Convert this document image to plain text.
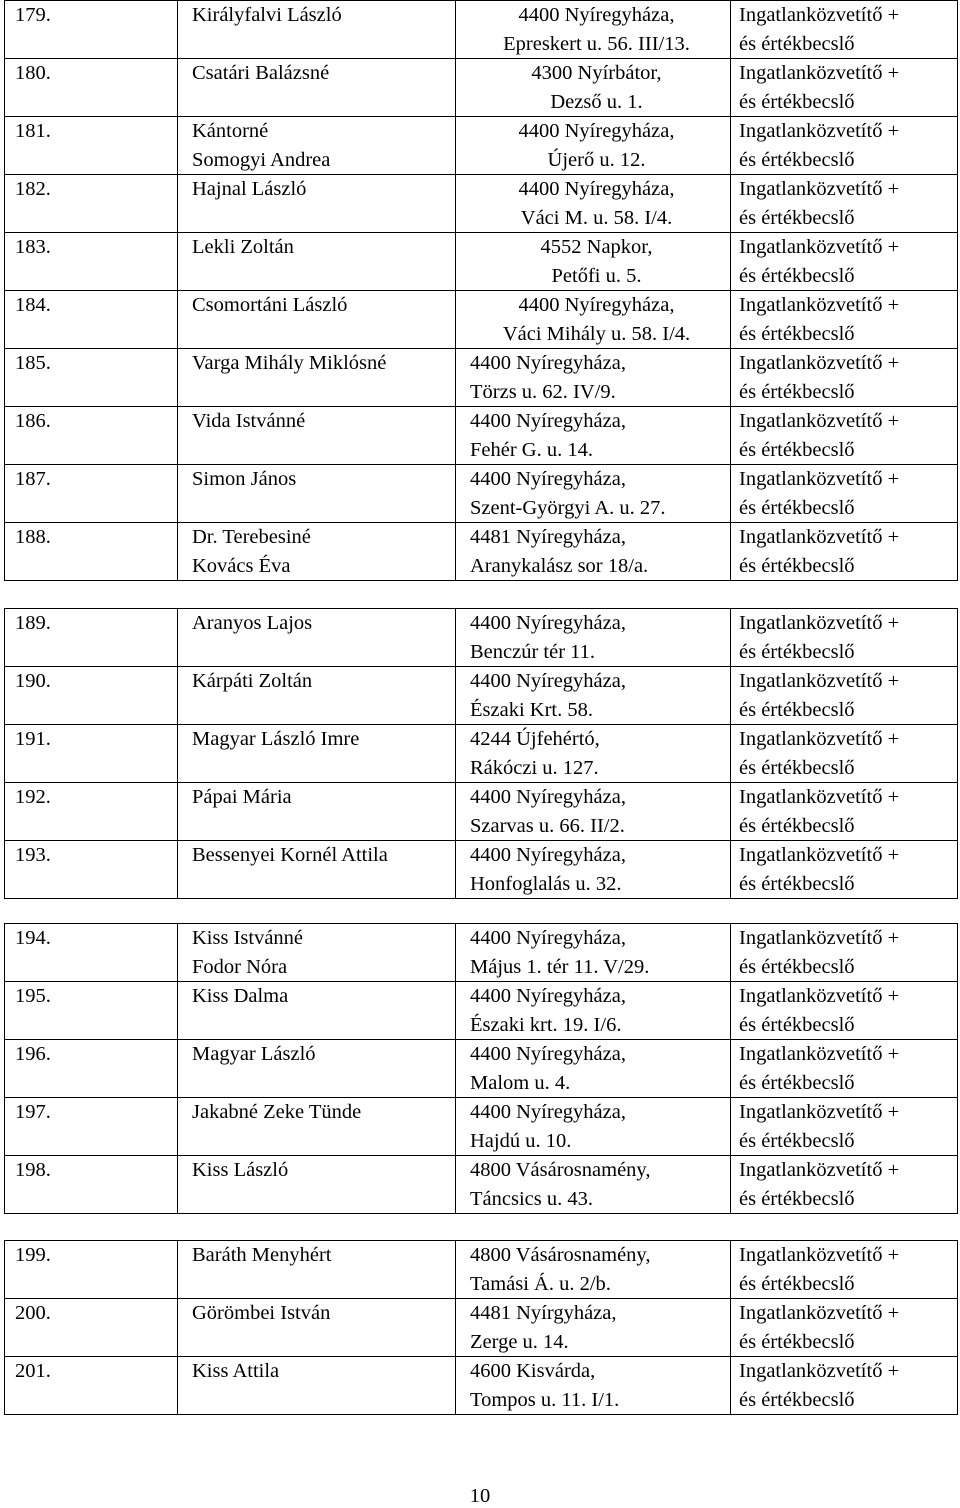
179.	Királyfalvi László	4400 Nyíregyháza,
Epreskert u. 56. III/13.	Ingatlanközvetítő +
és értékbecslő

180.	Csatári Balázsné	4300 Nyírbátor,
Dezső u. 1.	Ingatlanközvetítő +
és értékbecslő

181.	Kántorné
Somogyi Andrea	4400 Nyíregyháza,
Újerő u. 12.	Ingatlanközvetítő +
és értékbecslő

182.	Hajnal László	4400 Nyíregyháza,
Váci M. u. 58. I/4.	Ingatlanközvetítő +
és értékbecslő

183.	Lekli Zoltán	4552 Napkor,
Petőfi u. 5.	Ingatlanközvetítő +
és értékbecslő

184.	Csomortáni László	4400 Nyíregyháza,
Váci Mihály u. 58. I/4.	Ingatlanközvetítő +
és értékbecslő

185.	Varga Mihály Miklósné	4400 Nyíregyháza,
Törzs u. 62. IV/9.	Ingatlanközvetítő +
és értékbecslő

186.	Vida Istvánné	4400 Nyíregyháza,
Fehér G. u. 14.	Ingatlanközvetítő +
és értékbecslő

187.	Simon János	4400 Nyíregyháza,
Szent-Györgyi A. u. 27.	Ingatlanközvetítő +
és értékbecslő

188.	Dr. Terebesiné
Kovács Éva	4481 Nyíregyháza,
Aranykalász sor 18/a.	Ingatlanközvetítő +
és értékbecslő
189.	Aranyos Lajos	4400 Nyíregyháza,
Benczúr tér 11.	Ingatlanközvetítő +
és értékbecslő

190.	Kárpáti Zoltán	4400 Nyíregyháza,
Északi Krt. 58.	Ingatlanközvetítő +
és értékbecslő

191.	Magyar László Imre	4244 Újfehértó,
Rákóczi u. 127.	Ingatlanközvetítő +
és értékbecslő

192.	Pápai Mária	4400 Nyíregyháza,
Szarvas u. 66. II/2.	Ingatlanközvetítő +
és értékbecslő

193.	Bessenyei Kornél Attila	4400 Nyíregyháza,
Honfoglalás u. 32.	Ingatlanközvetítő +
és értékbecslő
194.	Kiss Istvánné
Fodor Nóra	4400 Nyíregyháza,
Május 1. tér 11. V/29.	Ingatlanközvetítő +
és értékbecslő

195.	Kiss Dalma	4400 Nyíregyháza,
Északi krt. 19. I/6.	Ingatlanközvetítő +
és értékbecslő

196.	Magyar László	4400 Nyíregyháza,
Malom u. 4.	Ingatlanközvetítő +
és értékbecslő

197.	Jakabné Zeke Tünde	4400 Nyíregyháza,
Hajdú u. 10.	Ingatlanközvetítő +
és értékbecslő

198.	Kiss László	4800 Vásárosnamény,
Táncsics u. 43.	Ingatlanközvetítő +
és értékbecslő
199.	Baráth Menyhért	4800 Vásárosnamény,
Tamási Á. u. 2/b.	Ingatlanközvetítő +
és értékbecslő

200.	Görömbei István	4481 Nyírgyháza,
Zerge u. 14.	Ingatlanközvetítő +
és értékbecslő

201.	Kiss Attila	4600 Kisvárda,
Tompos u. 11. I/1.	Ingatlanközvetítő +
és értékbecslő
10
